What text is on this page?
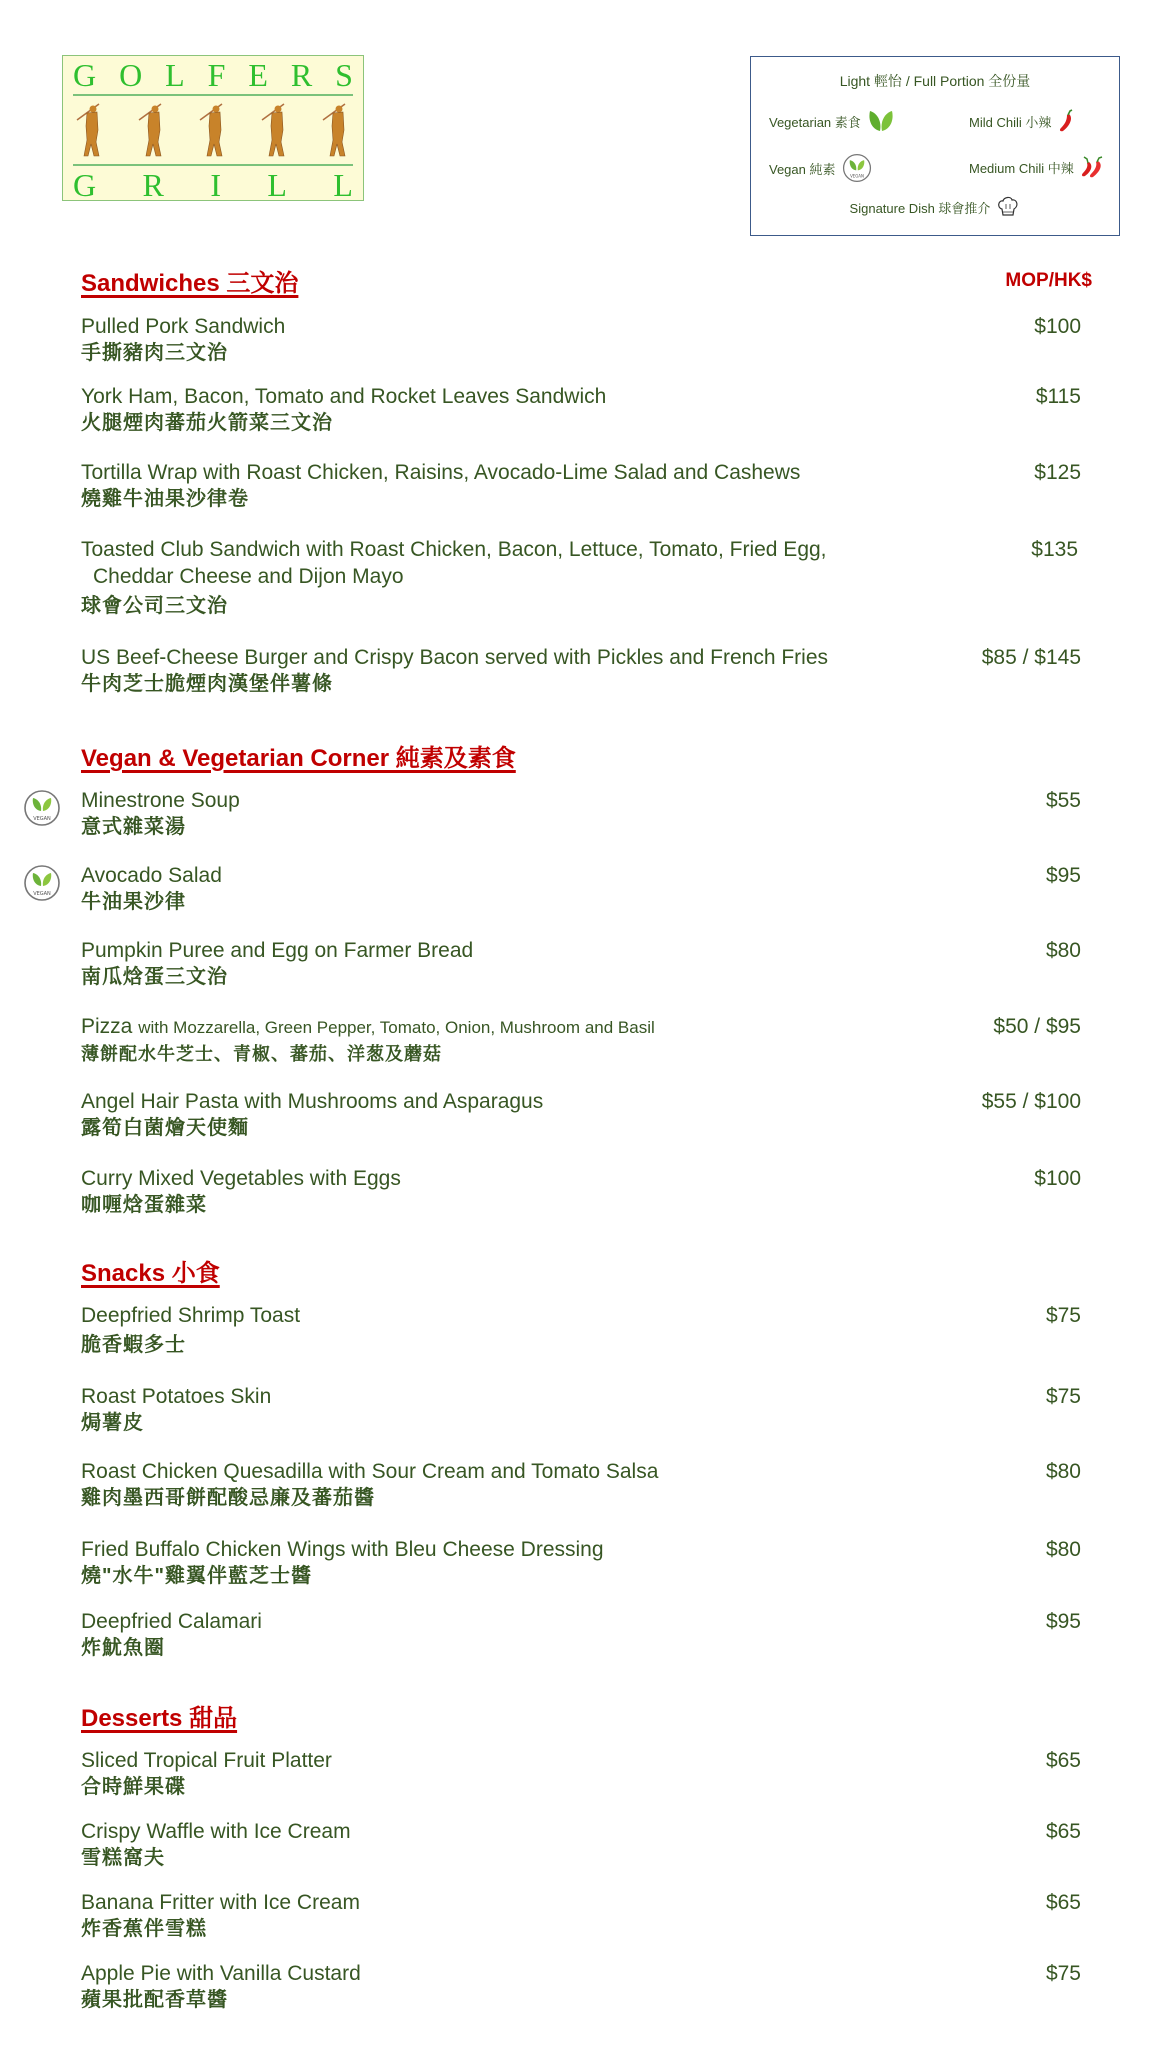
G O L F E R S
G R I L L
Light 輕怡 / Full Portion 全份量
Vegetarian 素食	Mild Chili 小辣
Vegan 純素	VEGAN
Medium Chili 中辣
Signature Dish 球會推介
MOP/HK$
Sandwiches 三文治
Pulled Pork Sandwich
手撕豬肉三文治
$100
York Ham, Bacon, Tomato and Rocket Leaves Sandwich
火腿煙肉蕃茄火箭菜三文治
$115
Tortilla Wrap with Roast Chicken, Raisins, Avocado-Lime Salad and Cashews
燒雞牛油果沙律卷
$125
Toasted Club Sandwich with Roast Chicken, Bacon, Lettuce, Tomato, Fried Egg,
Cheddar Cheese and Dijon Mayo
球會公司三文治
$135
US Beef-Cheese Burger and Crispy Bacon served with Pickles and French Fries
牛肉芝士脆煙肉漢堡伴薯條
$85 / $145
Vegan & Vegetarian Corner 純素及素食
VEGAN
Minestrone Soup
意式雜菜湯
$55
VEGAN
Avocado Salad
牛油果沙律
$95
Pumpkin Puree and Egg on Farmer Bread
南瓜焓蛋三文治
$80
Pizza with Mozzarella, Green Pepper, Tomato, Onion, Mushroom and Basil
薄餅配水牛芝士、青椒、蕃茄、洋葱及蘑菇
$50 / $95
Angel Hair Pasta with Mushrooms and Asparagus
露筍白菌燴天使麵
$55 / $100
Curry Mixed Vegetables with Eggs
咖喱焓蛋雜菜
$100
Snacks 小食
Deepfried Shrimp Toast
脆香蝦多士
$75
Roast Potatoes Skin
焗薯皮
$75
Roast Chicken Quesadilla with Sour Cream and Tomato Salsa
雞肉墨西哥餅配酸忌廉及蕃茄醬
$80
Fried Buffalo Chicken Wings with Bleu Cheese Dressing
燒"水牛"雞翼伴藍芝士醬
$80
Deepfried Calamari
炸魷魚圈
$95
Desserts 甜品
Sliced Tropical Fruit Platter
合時鮮果碟
$65
Crispy Waffle with Ice Cream
雪糕窩夫
$65
Banana Fritter with Ice Cream
炸香蕉伴雪糕
$65
Apple Pie with Vanilla Custard
蘋果批配香草醬
$75
